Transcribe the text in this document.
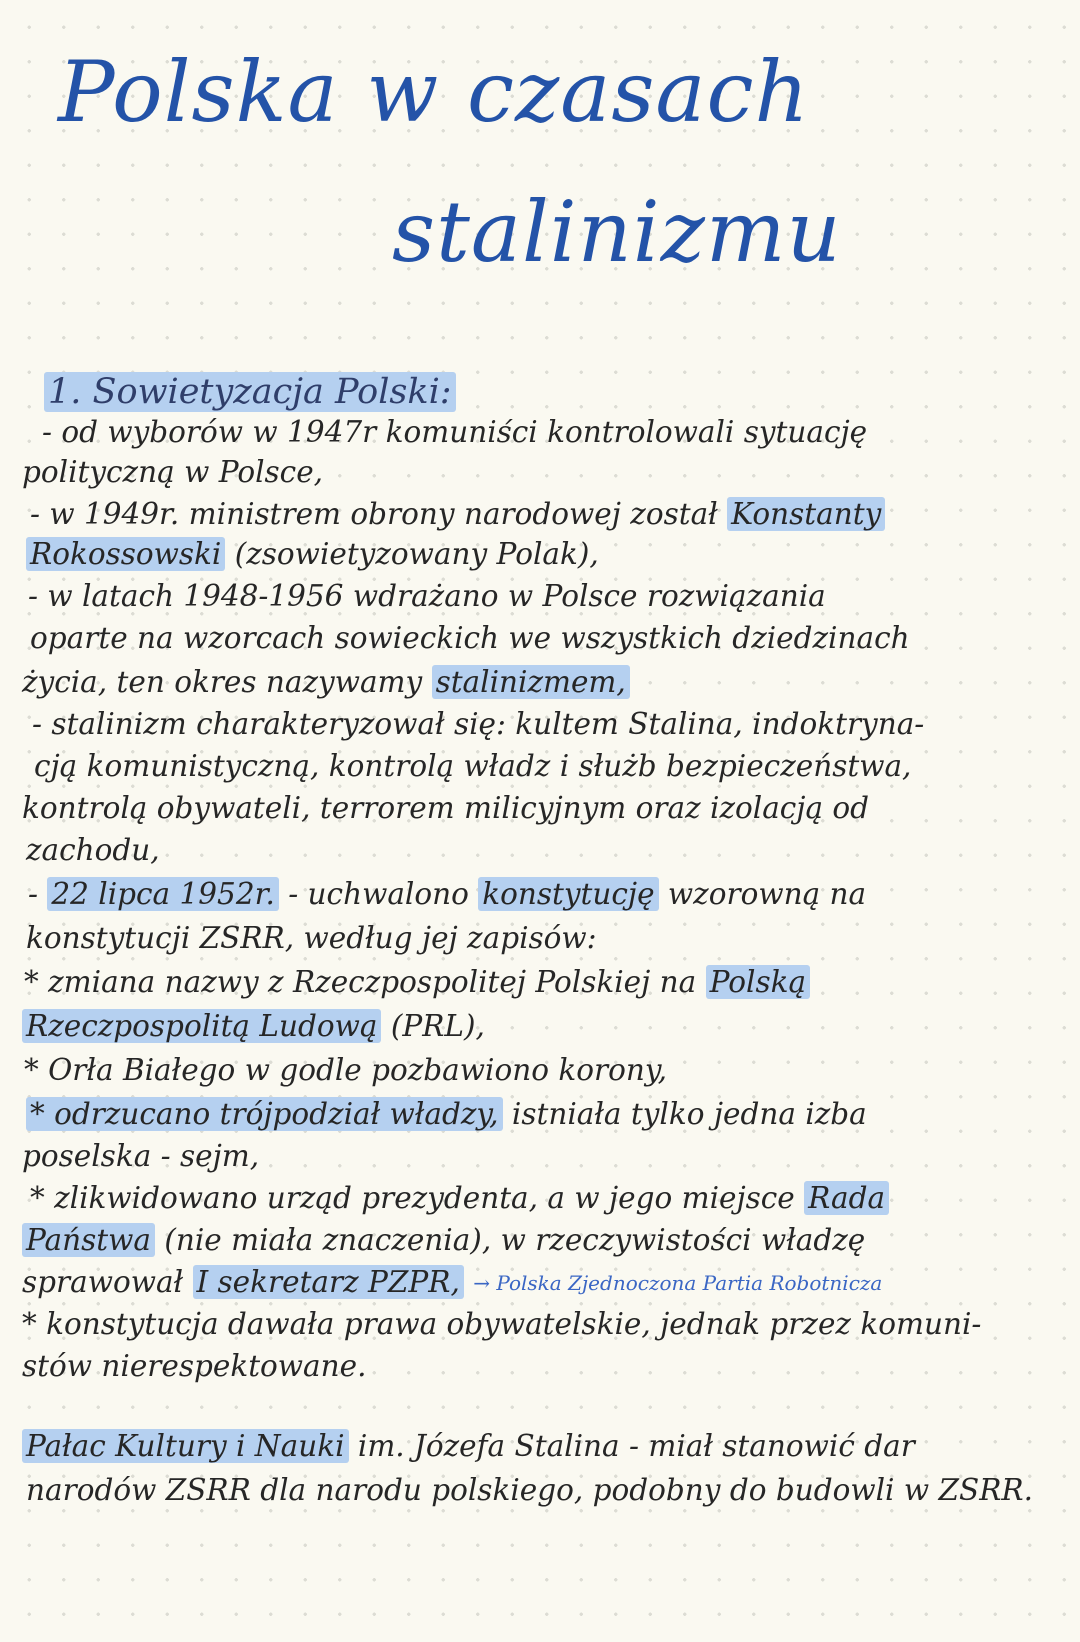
Polska w czasach
stalinizmu
1. Sowietyzacja Polski:
- od wyborów w 1947r komuniści kontrolowali sytuację
polityczną w Polsce,
- w 1949r. ministrem obrony narodowej został Konstanty
Rokossowski (zsowietyzowany Polak),
- w latach 1948-1956 wdrażano w Polsce rozwiązania
oparte na wzorcach sowieckich we wszystkich dziedzinach
życia, ten okres nazywamy stalinizmem,
- stalinizm charakteryzował się: kultem Stalina, indoktryna-
cją komunistyczną, kontrolą władz i służb bezpieczeństwa,
kontrolą obywateli, terrorem milicyjnym oraz izolacją od
zachodu,
- 22 lipca 1952r. - uchwalono konstytucję wzorowną na
konstytucji ZSRR, według jej zapisów:
* zmiana nazwy z Rzeczpospolitej Polskiej na Polską
Rzeczpospolitą Ludową (PRL),
* Orła Białego w godle pozbawiono korony,
* odrzucano trójpodział władzy, istniała tylko jedna izba
poselska - sejm,
* zlikwidowano urząd prezydenta, a w jego miejsce Rada
Państwa (nie miała znaczenia), w rzeczywistości władzę
sprawował I sekretarz PZPR, → Polska Zjednoczona Partia Robotnicza
* konstytucja dawała prawa obywatelskie, jednak przez komuni-
stów nierespektowane.
Pałac Kultury i Nauki im. Józefa Stalina - miał stanowić dar
narodów ZSRR dla narodu polskiego, podobny do budowli w ZSRR.
